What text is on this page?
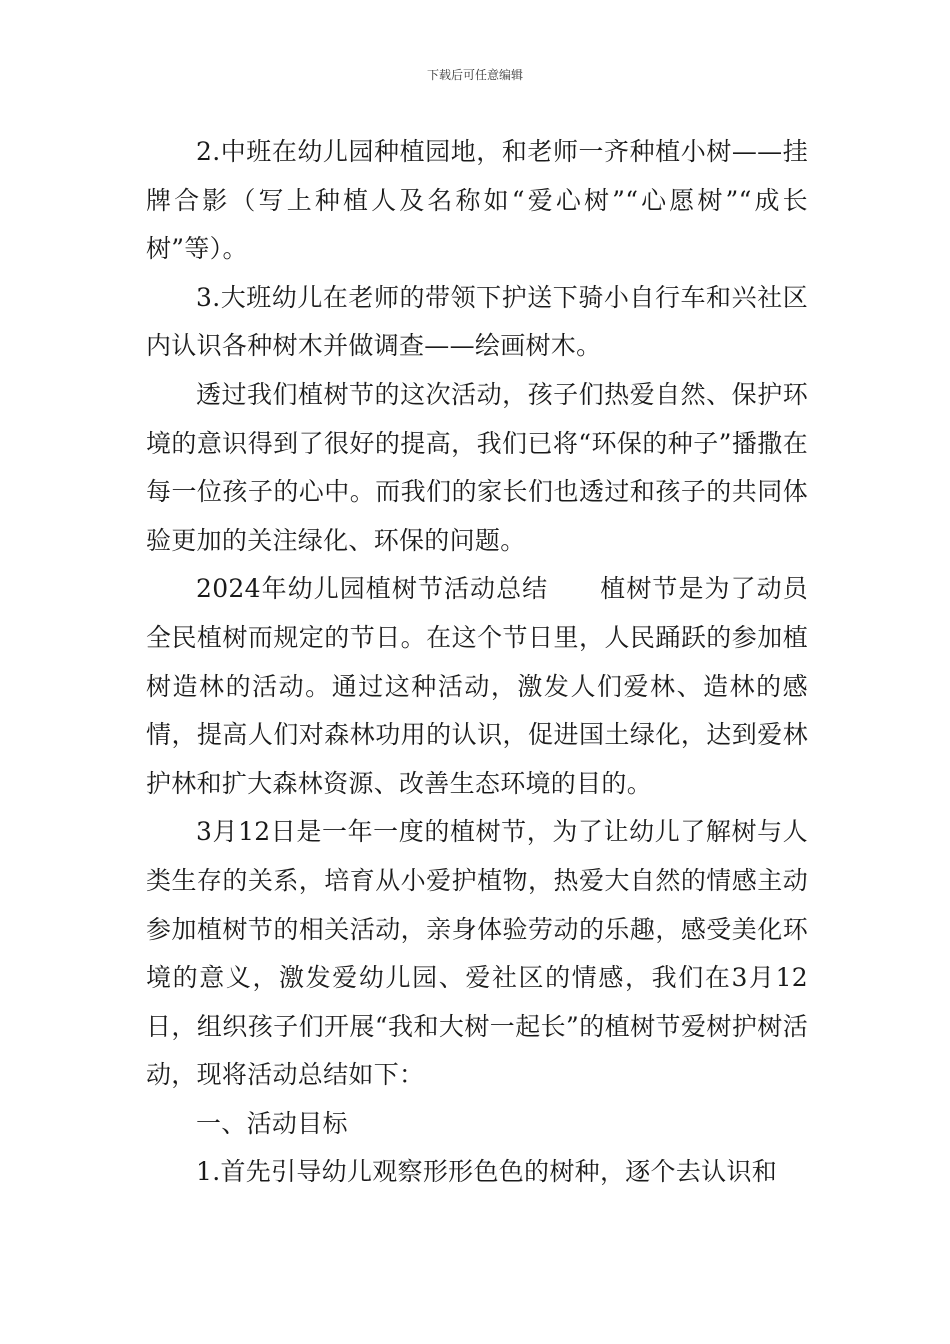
下载后可任意编辑

2.中班在幼儿园种植园地，和老师一齐种植小树——挂牌合影（写上种植人及名称如“爱心树”“心愿树”“成长树”等）。

3.大班幼儿在老师的带领下护送下骑小自行车和兴社区内认识各种树木并做调查——绘画树木。

透过我们植树节的这次活动，孩子们热爱自然、保护环境的意识得到了很好的提高，我们已将“环保的种子”播撒在每一位孩子的心中。而我们的家长们也透过和孩子的共同体验更加的关注绿化、环保的问题。

2024年幼儿园植树节活动总结　　植树节是为了动员全民植树而规定的节日。在这个节日里，人民踊跃的参加植树造林的活动。通过这种活动，激发人们爱林、造林的感情，提高人们对森林功用的认识，促进国土绿化，达到爱林护林和扩大森林资源、改善生态环境的目的。

3月12日是一年一度的植树节，为了让幼儿了解树与人类生存的关系，培育从小爱护植物，热爱大自然的情感主动参加植树节的相关活动，亲身体验劳动的乐趣，感受美化环境的意义，激发爱幼儿园、爱社区的情感，我们在3月12日，组织孩子们开展“我和大树一起长”的植树节爱树护树活动，现将活动总结如下：

一、活动目标

1.首先引导幼儿观察形形色色的树种，逐个去认识和
